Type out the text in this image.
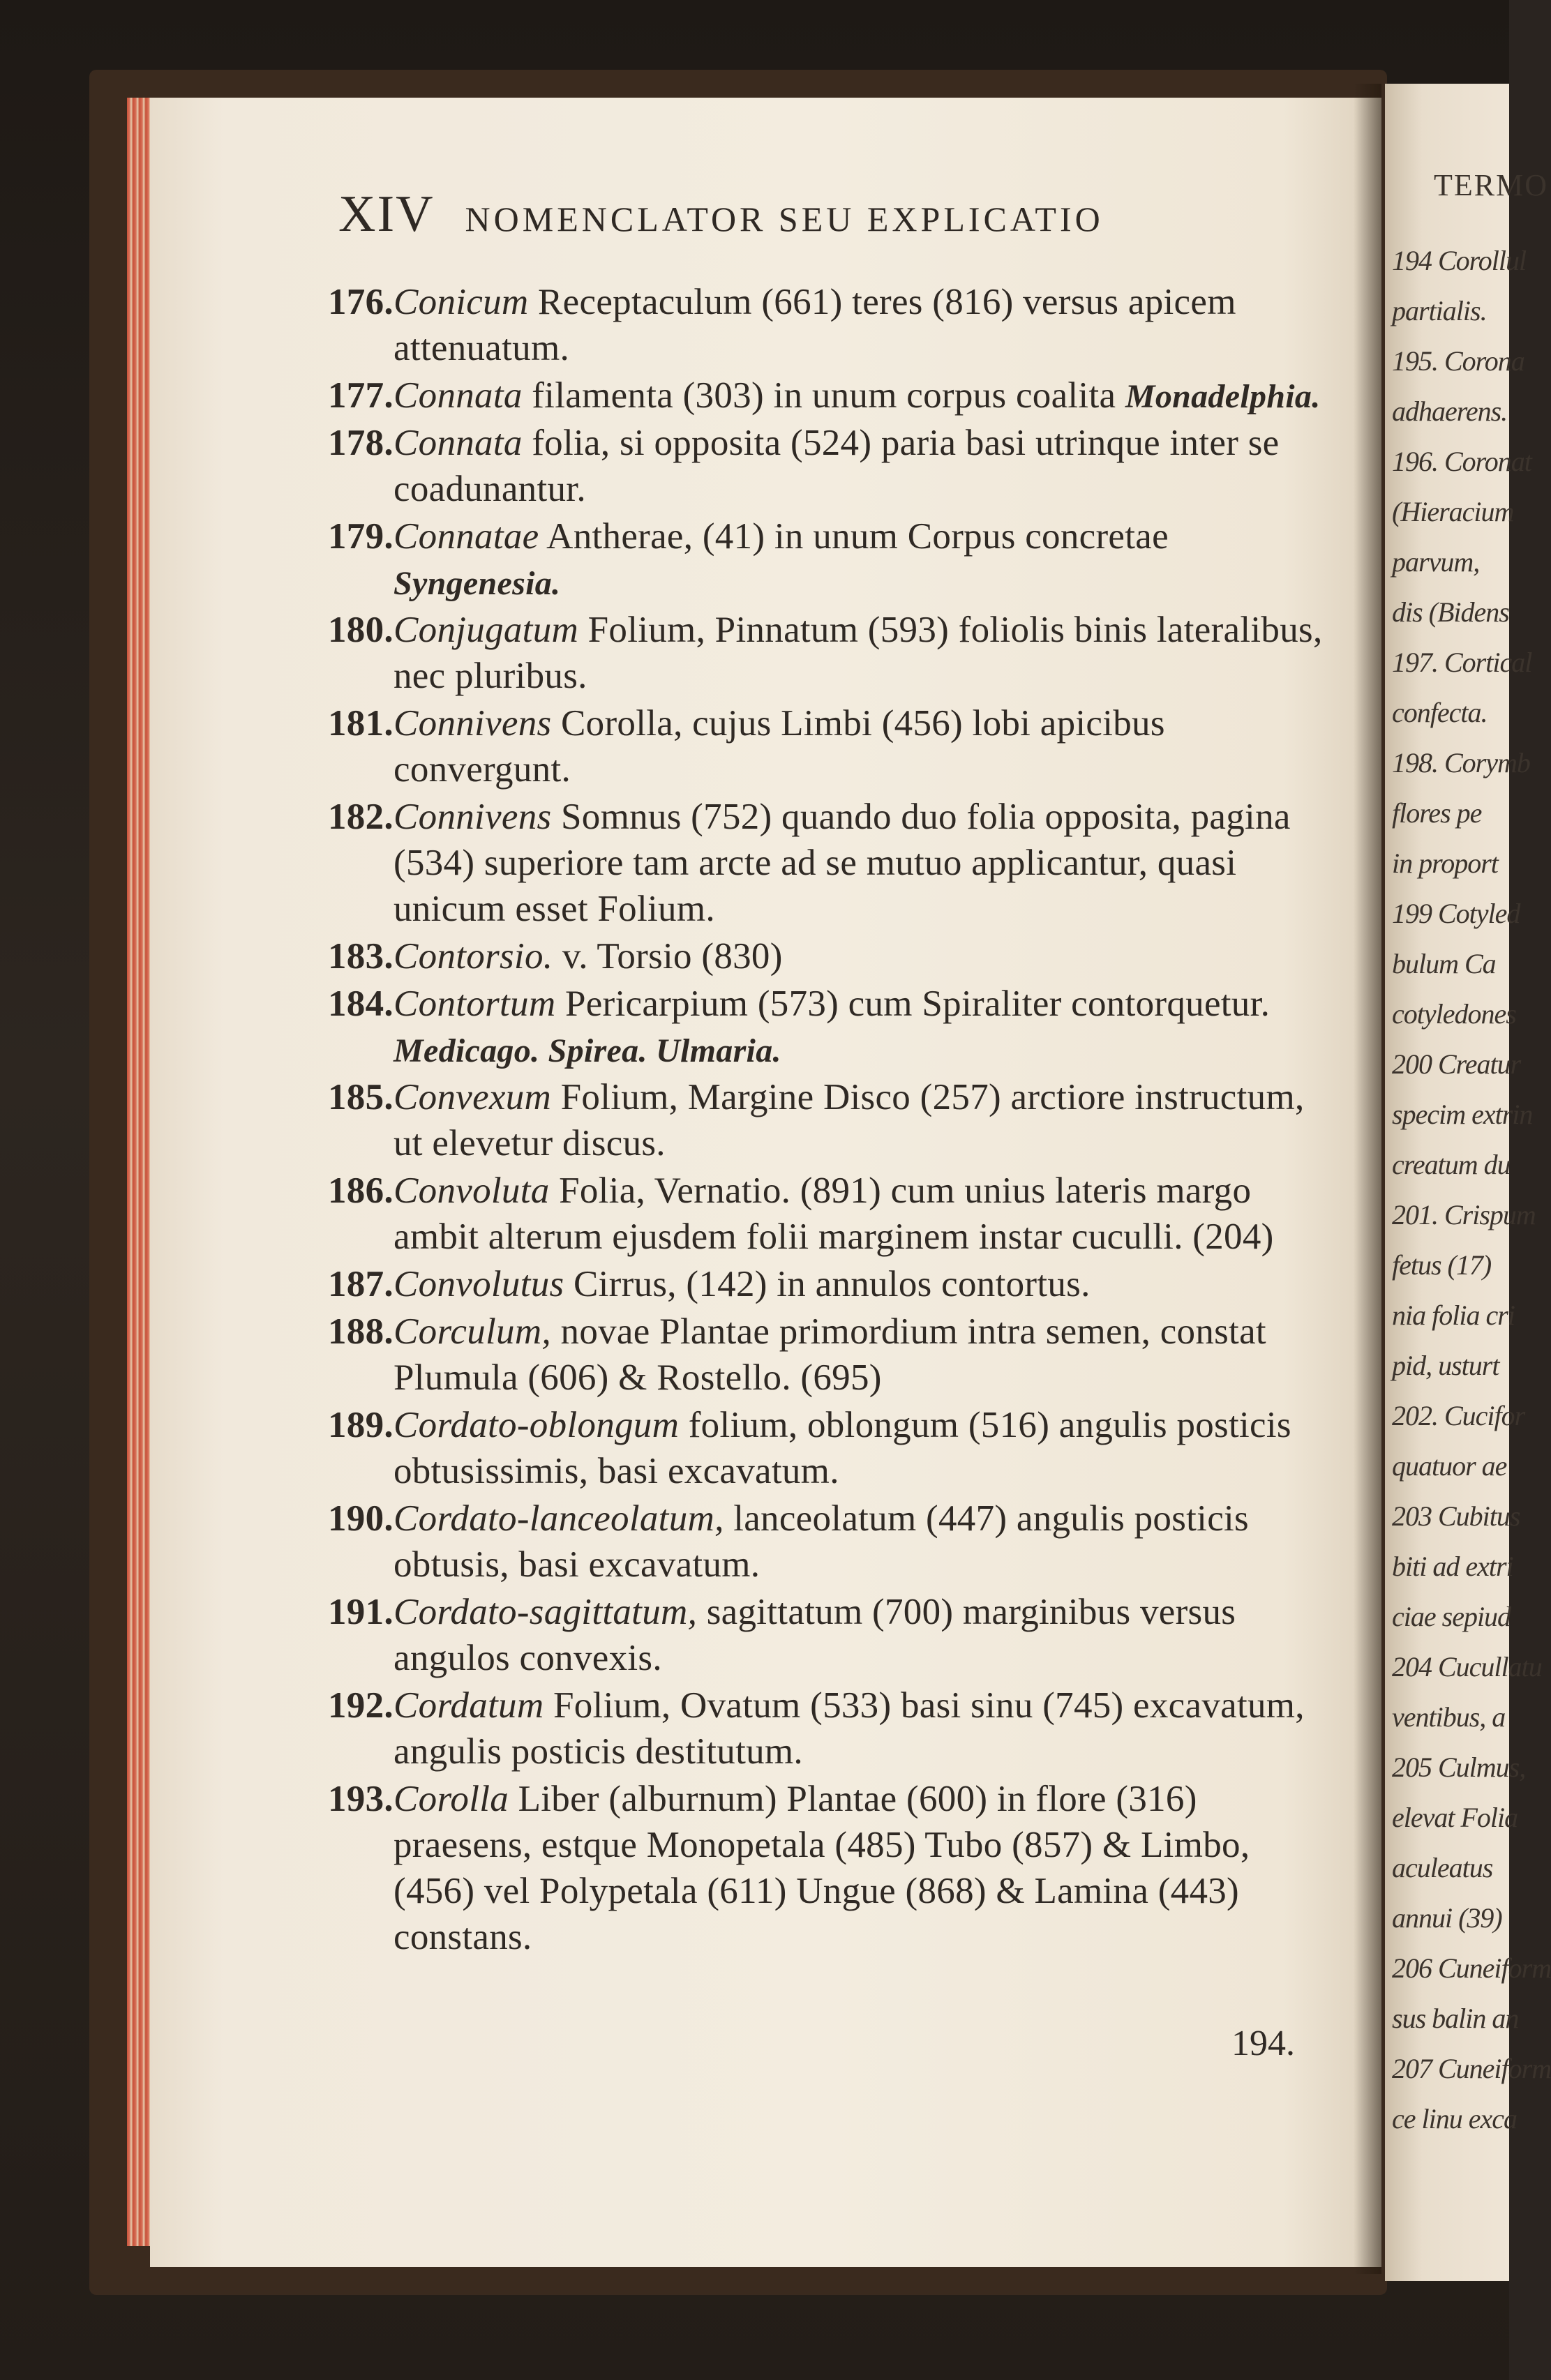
TERMO
194 Corollul
partialis.
195. Corona
adhaerens.
196. Coronat
(Hieracium
parvum,
dis (Bidens
197. Cortical
confecta.
198. Corymb
flores pe
in proport
199 Cotyled
bulum Ca
cotyledones
200 Creatur
specim extrin
creatum du
201. Crispum
fetus (17)
nia folia cri
pid, usturt
202. Cucifor
quatuor ae
203 Cubitus
biti ad extri
ciae sepiud
204 Cucullatu
ventibus, a
205 Culmus,
elevat Folia
aculeatus
annui (39)
206 Cuneiform
sus balin an
207 Cuneiform
ce linu exca
XIV NOMENCLATOR SEU EXPLICATIO

176.Conicum Receptaculum (661) teres (816) versus apicem attenuatum.

177.Connata filamenta (303) in unum corpus coalita Monadelphia.

178.Connata folia, si opposita (524) paria basi utrinque inter se coadunantur.

179.Connatae Antherae, (41) in unum Corpus concretae Syngenesia.

180.Conjugatum Folium, Pinnatum (593) foliolis binis lateralibus, nec pluribus.

181.Connivens Corolla, cujus Limbi (456) lobi apicibus convergunt.

182.Connivens Somnus (752) quando duo folia opposita, pagina (534) superiore tam arcte ad se mutuo applicantur, quasi unicum esset Folium.

183.Contorsio. v. Torsio (830)

184.Contortum Pericarpium (573) cum Spiraliter contorquetur. Medicago. Spirea. Ulmaria.

185.Convexum Folium, Margine Disco (257) arctiore instructum, ut elevetur discus.

186.Convoluta Folia, Vernatio. (891) cum unius lateris margo ambit alterum ejusdem folii marginem instar cuculli. (204)

187.Convolutus Cirrus, (142) in annulos contortus.

188.Corculum, novae Plantae primordium intra semen, constat Plumula (606) & Rostello. (695)

189.Cordato-oblongum folium, oblongum (516) angulis posticis obtusissimis, basi excavatum.

190.Cordato-lanceolatum, lanceolatum (447) angulis posticis obtusis, basi excavatum.

191.Cordato-sagittatum, sagittatum (700) marginibus versus angulos convexis.

192.Cordatum Folium, Ovatum (533) basi sinu (745) excavatum, angulis posticis destitutum.

193.Corolla Liber (alburnum) Plantae (600) in flore (316) praesens, estque Monopetala (485) Tubo (857) & Limbo, (456) vel Polypetala (611) Ungue (868) & Lamina (443) constans.

194.
